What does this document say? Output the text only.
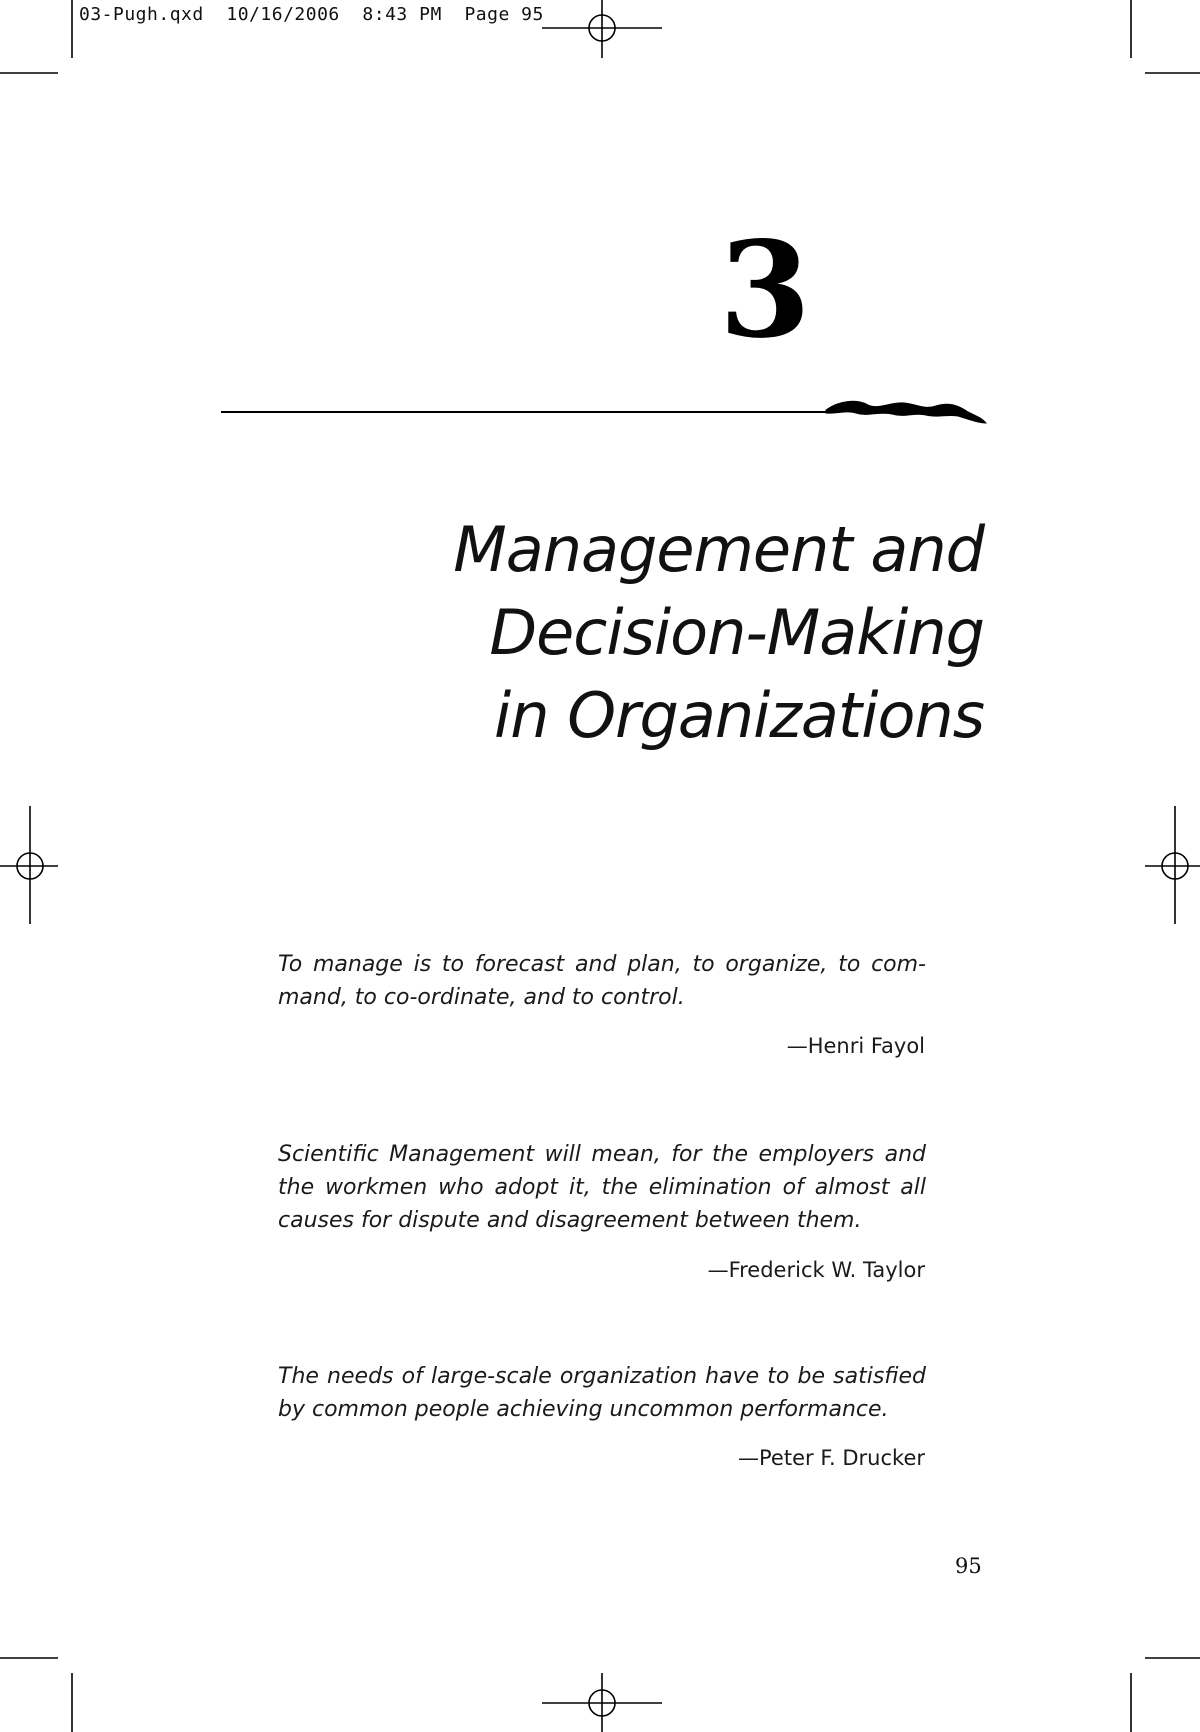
03-Pugh.qxd  10/16/2006  8:43 PM  Page 95
3
Management and
Decision-Making
in Organizations
To manage is to forecast and plan, to organize, to com-
mand, to co-ordinate, and to control.
—Henri Fayol
Scientific Management will mean, for the employers and
the workmen who adopt it, the elimination of almost all
causes for dispute and disagreement between them.
—Frederick W. Taylor
The needs of large-scale organization have to be satisfied
by common people achieving uncommon performance.
—Peter F. Drucker
95
